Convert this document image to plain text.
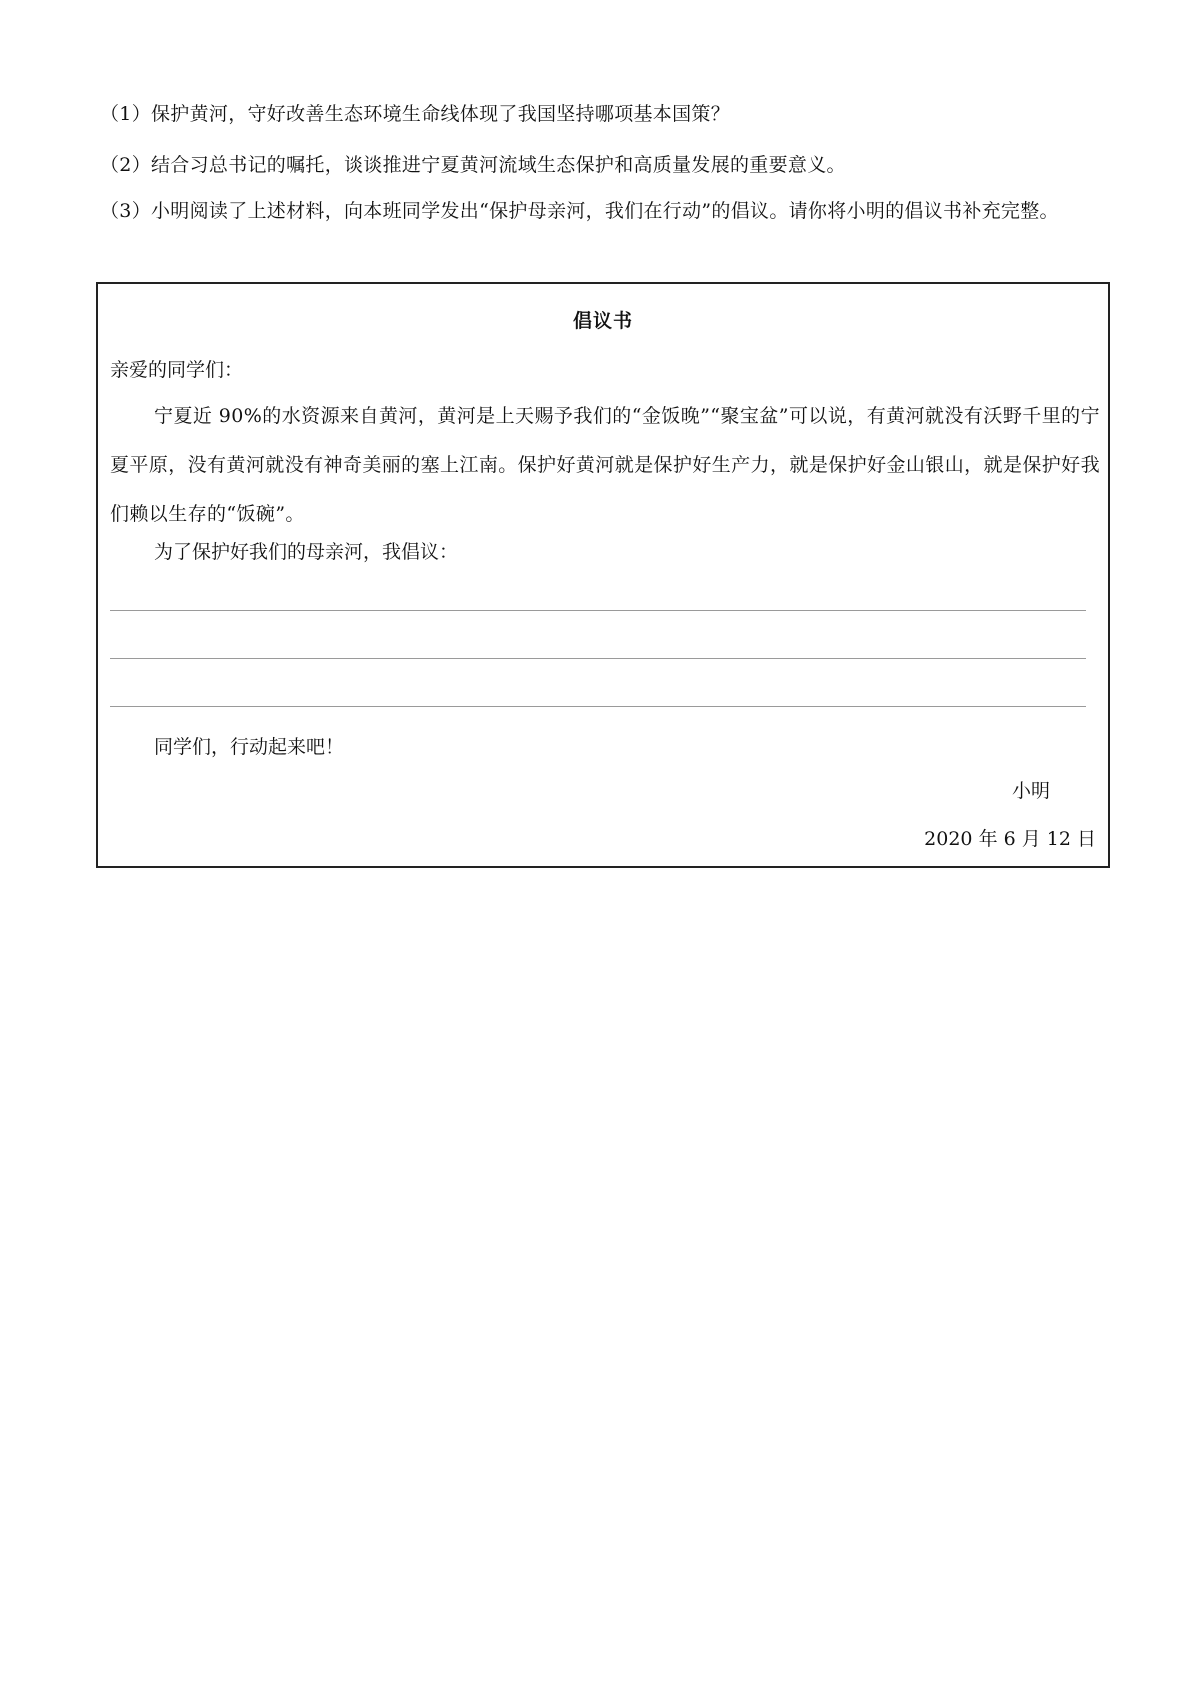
（1）保护黄河，守好改善生态环境生命线体现了我国坚持哪项基本国策？
（2）结合习总书记的嘱托，谈谈推进宁夏黄河流域生态保护和高质量发展的重要意义。
（3）小明阅读了上述材料，向本班同学发出“保护母亲河，我们在行动”的倡议。请你将小明的倡议书补充完整。
倡议书
亲爱的同学们：
宁夏近 90%的水资源来自黄河，黄河是上天赐予我们的“金饭晚”“聚宝盆”可以说，有黄河就没有沃野千里的宁夏平原，没有黄河就没有神奇美丽的塞上江南。保护好黄河就是保护好生产力，就是保护好金山银山，就是保护好我们赖以生存的“饭碗”。
为了保护好我们的母亲河，我倡议：
同学们，行动起来吧！
小明
2020 年 6 月 12 日
